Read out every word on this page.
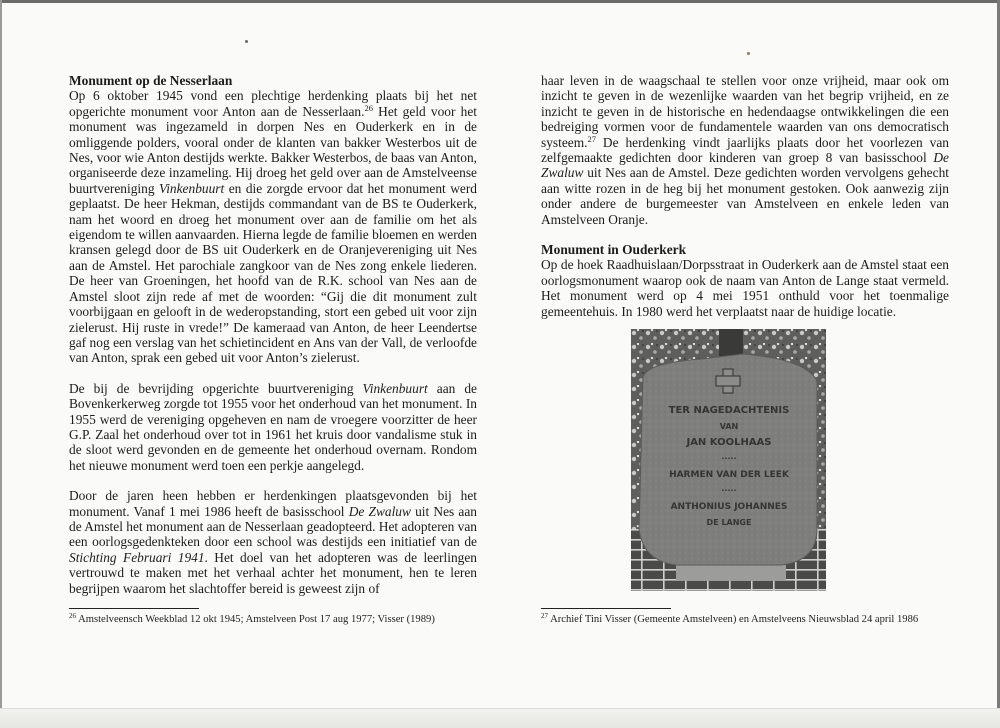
Monument op de Nesserlaan

Op 6 oktober 1945 vond een plechtige herdenking plaats bij het net opgerichte monument voor Anton aan de Nesserlaan.$^{26}$ Het geld voor het monument was ingezameld in dorpen Nes en Ouderkerk en in de omliggende polders, vooral onder de klanten van bakker Westerbos uit de Nes, voor wie Anton destijds werkte. Bakker Westerbos, de baas van Anton, organiseerde deze inzameling. Hij droeg het geld over aan de Amstelveense buurtvereniging Vinkenbuurt en die zorgde ervoor dat het monument werd geplaatst. De heer Hekman, destijds commandant van de BS te Ouderkerk, nam het woord en droeg het monument over aan de familie om het als eigendom te willen aanvaarden. Hierna legde de familie bloemen en werden kransen gelegd door de BS uit Ouderkerk en de Oranjevereniging uit Nes aan de Amstel. Het parochiale zangkoor van de Nes zong enkele liederen. De heer van Groeningen, het hoofd van de R.K. school van Nes aan de Amstel sloot zijn rede af met de woorden: “Gij die dit monument zult voorbijgaan en gelooft in de wederopstanding, stort een gebed uit voor zijn zielerust. Hij ruste in vrede!” De kameraad van Anton, de heer Leendertse gaf nog een verslag van het schietincident en Ans van der Vall, de verloofde van Anton, sprak een gebed uit voor Anton’s zielerust.

De bij de bevrijding opgerichte buurtvereniging Vinkenbuurt aan de Bovenkerkerweg zorgde tot 1955 voor het onderhoud van het monument. In 1955 werd de vereniging opgeheven en nam de vroegere voorzitter de heer G.P. Zaal het onderhoud over tot in 1961 het kruis door vandalisme stuk in de sloot werd gevonden en de gemeente het onderhoud overnam. Rondom het nieuwe monument werd toen een perkje aangelegd.

Door de jaren heen hebben er herdenkingen plaatsgevonden bij het monument. Vanaf 1 mei 1986 heeft de basisschool De Zwaluw uit Nes aan de Amstel het monument aan de Nesserlaan geadopteerd. Het adopteren van een oorlogsgedenkteken door een school was destijds een initiatief van de Stichting Februari 1941. Het doel van het adopteren was de leerlingen vertrouwd te maken met het verhaal achter het monument, hen te leren begrijpen waarom het slachtoffer bereid is geweest zijn of

$^{26}$ Amstelveensch Weekblad 12 okt 1945; Amstelveen Post 17 aug 1977; Visser (1989)

haar leven in de waagschaal te stellen voor onze vrijheid, maar ook om inzicht te geven in de wezenlijke waarden van het begrip vrijheid, en ze inzicht te geven in de historische en hedendaagse ontwikkelingen die een bedreiging vormen voor de fundamentele waarden van ons democratisch systeem.$^{27}$ De herdenking vindt jaarlijks plaats door het voorlezen van zelfgemaakte gedichten door kinderen van groep 8 van basisschool De Zwaluw uit Nes aan de Amstel. Deze gedichten worden vervolgens gehecht aan witte rozen in de heg bij het monument gestoken. Ook aanwezig zijn onder andere de burgemeester van Amstelveen en enkele leden van Amstelveen Oranje.

Monument in Ouderkerk

Op de hoek Raadhuislaan/Dorpsstraat in Ouderkerk aan de Amstel staat een oorlogsmonument waarop ook de naam van Anton de Lange staat vermeld. Het monument werd op 4 mei 1951 onthuld voor het toenmalige gemeentehuis. In 1980 werd het verplaatst naar de huidige locatie.

TER NAGEDACHTENIS
VAN
JAN KOOLHAAS
·····
HARMEN VAN DER LEEK
·····
ANTHONIUS JOHANNES
DE LANGE
$^{27}$ Archief Tini Visser (Gemeente Amstelveen) en Amstelveens Nieuwsblad 24 april 1986
